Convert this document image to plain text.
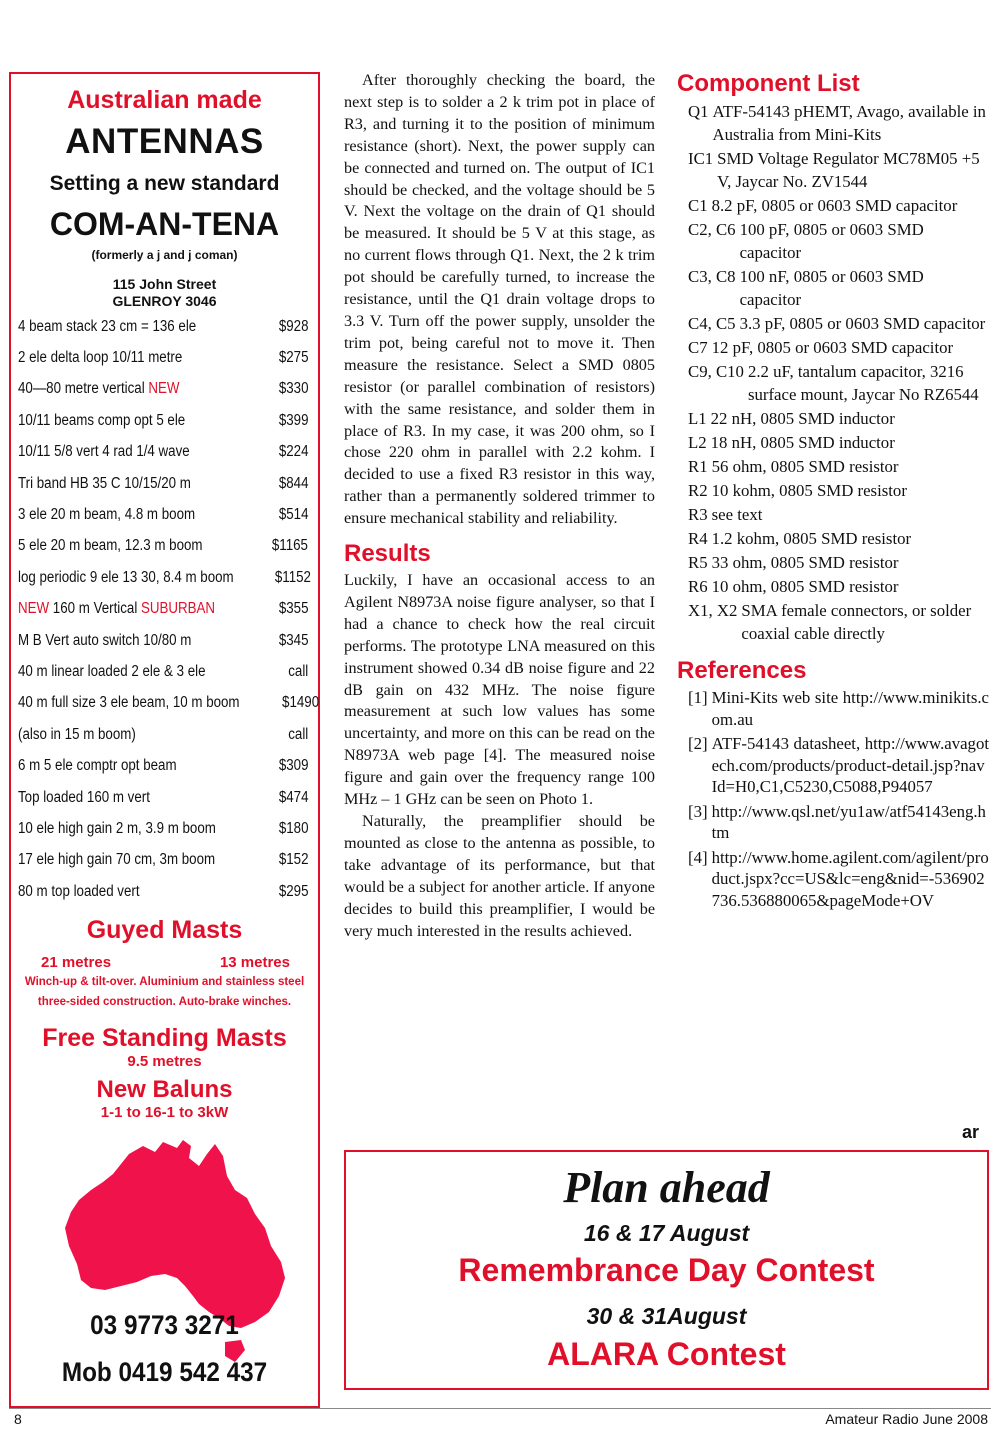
Australian made
ANTENNAS
Setting a new standard
COM-AN-TENA
(formerly a j and j coman)
115 John Street
GLENROY 3046
4 beam stack 23 cm = 136 ele	$928
2 ele delta loop 10/11 metre	$275
40—80 metre vertical NEW	$330
10/11 beams comp opt 5 ele	$399
10/11 5/8 vert 4 rad 1/4 wave	$224
Tri band HB 35 C 10/15/20 m	$844
3 ele 20 m beam, 4.8 m boom	$514
5 ele 20 m beam, 12.3 m boom	$1165
log periodic 9 ele 13 30, 8.4 m boom	$1152
NEW 160 m Vertical SUBURBAN	$355
M B Vert auto switch 10/80 m	$345
40 m linear loaded 2 ele & 3 ele	call
40 m full size 3 ele beam, 10 m boom	$1490
(also in 15 m boom)	call
6 m 5 ele comptr opt beam	$309
Top loaded 160 m vert	$474
10 ele high gain 2 m, 3.9 m boom	$180
17 ele high gain 70 cm, 3m boom	$152
80 m top loaded vert	$295
Guyed Masts
21 metres	13 metres
Winch-up & tilt-over. Aluminium and stainless steel three-sided construction. Auto-brake winches.
Free Standing Masts
9.5 metres
New Baluns
1-1 to 16-1 to 3kW
03 9773 3271
Mob 0419 542 437

After thoroughly checking the board, the next step is to solder a 2 k trim pot in place of R3, and turning it to the position of minimum resistance (short). Next, the power supply can be connected and turned on. The output of IC1 should be checked, and the voltage should be 5 V. Next the voltage on the drain of Q1 should be measured. It should be 5 V at this stage, as no current flows through Q1. Next, the 2 k trim pot should be carefully turned, to increase the resistance, until the Q1 drain voltage drops to 3.3 V. Turn off the power supply, unsolder the trim pot, being careful not to move it. Then measure the resistance. Select a SMD 0805 resistor (or parallel combination of resistors) with the same resistance, and solder them in place of R3. In my case, it was 200 ohm, so I chose 220 ohm in parallel with 2.2 kohm. I decided to use a fixed R3 resistor in this way, rather than a permanently soldered trimmer to ensure mechanical stability and reliability.

Results

Luckily, I have an occasional access to an Agilent N8973A noise figure analyser, so that I had a chance to check how the real circuit performs. The prototype LNA measured on this instrument showed 0.34 dB noise figure and 22 dB gain on 432 MHz. The noise figure measurement at such low values has some uncertainty, and more on this can be read on the N8973A web page [4]. The measured noise figure and gain over the frequency range 100 MHz – 1 GHz can be seen on Photo 1.

Naturally, the preamplifier should be mounted as close to the antenna as possible, to take advantage of its performance, but that would be a subject for another article. If anyone decides to build this preamplifier, I would be very much interested in the results achieved.

Component List
Q1 ATF-54143 pHEMT, Avago, available in Australia from Mini-Kits
IC1 SMD Voltage Regulator MC78M05 +5 V, Jaycar No. ZV1544
C1 8.2 pF, 0805 or 0603 SMD capacitor
C2, C6 100 pF, 0805 or 0603 SMD capacitor
C3, C8 100 nF, 0805 or 0603 SMD capacitor
C4, C5 3.3 pF, 0805 or 0603 SMD capacitor
C7 12 pF, 0805 or 0603 SMD capacitor
C9, C10 2.2 uF, tantalum capacitor, 3216 surface mount, Jaycar No RZ6544
L1 22 nH, 0805 SMD inductor
L2 18 nH, 0805 SMD inductor
R1 56 ohm, 0805 SMD resistor
R2 10 kohm, 0805 SMD resistor
R3 see text
R4 1.2 kohm, 0805 SMD resistor
R5 33 ohm, 0805 SMD resistor
R6 10 ohm, 0805 SMD resistor
X1, X2 SMA female connectors, or solder coaxial cable directly
References
[1] Mini-Kits web site http://www.minikits.com.au
[2] ATF-54143 datasheet, http://www.avagotech.com/products/product-detail.jsp?navId=H0,C1,C5230,C5088,P94057
[3] http://www.qsl.net/yu1aw/atf54143eng.htm
[4] http://www.home.agilent.com/agilent/product.jspx?cc=US&lc=eng&nid=-536902736.536880065&pageMode+OV
ar
Plan ahead
16 & 17 August
Remembrance Day Contest
30 & 31August
ALARA Contest
8	Amateur Radio June 2008
